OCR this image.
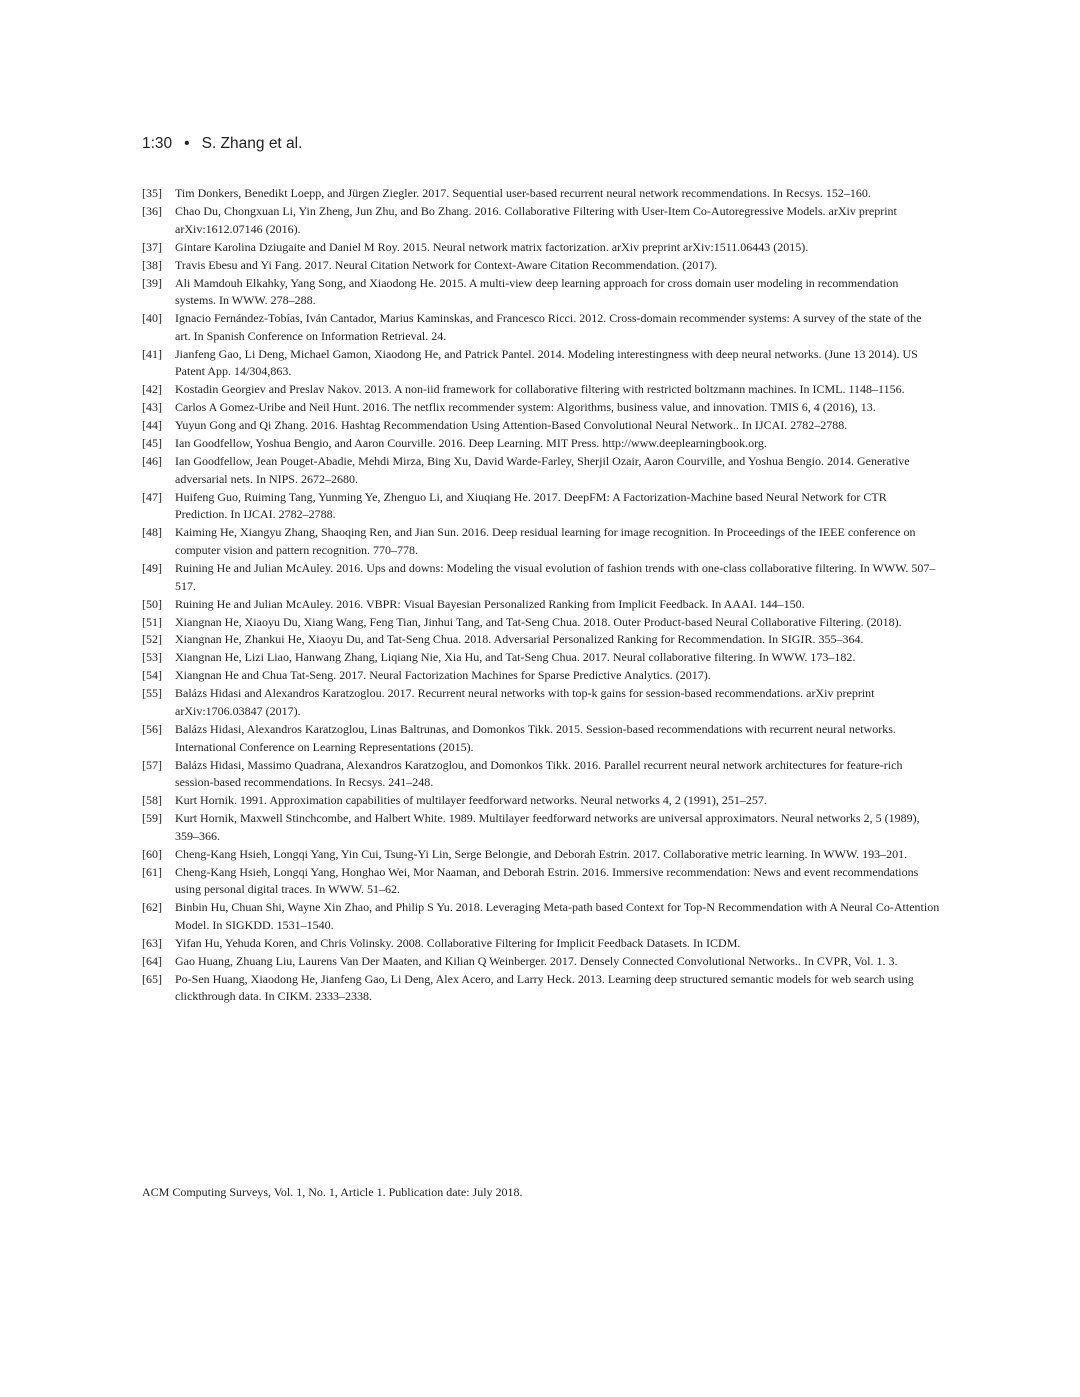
1:30 • S. Zhang et al.
[35]	Tim Donkers, Benedikt Loepp, and Jürgen Ziegler. 2017. Sequential user-based recurrent neural network recommendations. In Recsys. 152–160.
[36]	Chao Du, Chongxuan Li, Yin Zheng, Jun Zhu, and Bo Zhang. 2016. Collaborative Filtering with User-Item Co-Autoregressive Models. arXiv preprint arXiv:1612.07146 (2016).
[37]	Gintare Karolina Dziugaite and Daniel M Roy. 2015. Neural network matrix factorization. arXiv preprint arXiv:1511.06443 (2015).
[38]	Travis Ebesu and Yi Fang. 2017. Neural Citation Network for Context-Aware Citation Recommendation. (2017).
[39]	Ali Mamdouh Elkahky, Yang Song, and Xiaodong He. 2015. A multi-view deep learning approach for cross domain user modeling in recommendation systems. In WWW. 278–288.
[40]	Ignacio Fernández-Tobías, Iván Cantador, Marius Kaminskas, and Francesco Ricci. 2012. Cross-domain recommender systems: A survey of the state of the art. In Spanish Conference on Information Retrieval. 24.
[41]	Jianfeng Gao, Li Deng, Michael Gamon, Xiaodong He, and Patrick Pantel. 2014. Modeling interestingness with deep neural networks. (June 13 2014). US Patent App. 14/304,863.
[42]	Kostadin Georgiev and Preslav Nakov. 2013. A non-iid framework for collaborative filtering with restricted boltzmann machines. In ICML. 1148–1156.
[43]	Carlos A Gomez-Uribe and Neil Hunt. 2016. The netflix recommender system: Algorithms, business value, and innovation. TMIS 6, 4 (2016), 13.
[44]	Yuyun Gong and Qi Zhang. 2016. Hashtag Recommendation Using Attention-Based Convolutional Neural Network.. In IJCAI. 2782–2788.
[45]	Ian Goodfellow, Yoshua Bengio, and Aaron Courville. 2016. Deep Learning. MIT Press. http://www.deeplearningbook.org.
[46]	Ian Goodfellow, Jean Pouget-Abadie, Mehdi Mirza, Bing Xu, David Warde-Farley, Sherjil Ozair, Aaron Courville, and Yoshua Bengio. 2014. Generative adversarial nets. In NIPS. 2672–2680.
[47]	Huifeng Guo, Ruiming Tang, Yunming Ye, Zhenguo Li, and Xiuqiang He. 2017. DeepFM: A Factorization-Machine based Neural Network for CTR Prediction. In IJCAI. 2782–2788.
[48]	Kaiming He, Xiangyu Zhang, Shaoqing Ren, and Jian Sun. 2016. Deep residual learning for image recognition. In Proceedings of the IEEE conference on computer vision and pattern recognition. 770–778.
[49]	Ruining He and Julian McAuley. 2016. Ups and downs: Modeling the visual evolution of fashion trends with one-class collaborative filtering. In WWW. 507–517.
[50]	Ruining He and Julian McAuley. 2016. VBPR: Visual Bayesian Personalized Ranking from Implicit Feedback. In AAAI. 144–150.
[51]	Xiangnan He, Xiaoyu Du, Xiang Wang, Feng Tian, Jinhui Tang, and Tat-Seng Chua. 2018. Outer Product-based Neural Collaborative Filtering. (2018).
[52]	Xiangnan He, Zhankui He, Xiaoyu Du, and Tat-Seng Chua. 2018. Adversarial Personalized Ranking for Recommendation. In SIGIR. 355–364.
[53]	Xiangnan He, Lizi Liao, Hanwang Zhang, Liqiang Nie, Xia Hu, and Tat-Seng Chua. 2017. Neural collaborative filtering. In WWW. 173–182.
[54]	Xiangnan He and Chua Tat-Seng. 2017. Neural Factorization Machines for Sparse Predictive Analytics. (2017).
[55]	Balázs Hidasi and Alexandros Karatzoglou. 2017. Recurrent neural networks with top-k gains for session-based recommendations. arXiv preprint arXiv:1706.03847 (2017).
[56]	Balázs Hidasi, Alexandros Karatzoglou, Linas Baltrunas, and Domonkos Tikk. 2015. Session-based recommendations with recurrent neural networks. International Conference on Learning Representations (2015).
[57]	Balázs Hidasi, Massimo Quadrana, Alexandros Karatzoglou, and Domonkos Tikk. 2016. Parallel recurrent neural network architectures for feature-rich session-based recommendations. In Recsys. 241–248.
[58]	Kurt Hornik. 1991. Approximation capabilities of multilayer feedforward networks. Neural networks 4, 2 (1991), 251–257.
[59]	Kurt Hornik, Maxwell Stinchcombe, and Halbert White. 1989. Multilayer feedforward networks are universal approximators. Neural networks 2, 5 (1989), 359–366.
[60]	Cheng-Kang Hsieh, Longqi Yang, Yin Cui, Tsung-Yi Lin, Serge Belongie, and Deborah Estrin. 2017. Collaborative metric learning. In WWW. 193–201.
[61]	Cheng-Kang Hsieh, Longqi Yang, Honghao Wei, Mor Naaman, and Deborah Estrin. 2016. Immersive recommendation: News and event recommendations using personal digital traces. In WWW. 51–62.
[62]	Binbin Hu, Chuan Shi, Wayne Xin Zhao, and Philip S Yu. 2018. Leveraging Meta-path based Context for Top-N Recommendation with A Neural Co-Attention Model. In SIGKDD. 1531–1540.
[63]	Yifan Hu, Yehuda Koren, and Chris Volinsky. 2008. Collaborative Filtering for Implicit Feedback Datasets. In ICDM.
[64]	Gao Huang, Zhuang Liu, Laurens Van Der Maaten, and Kilian Q Weinberger. 2017. Densely Connected Convolutional Networks.. In CVPR, Vol. 1. 3.
[65]	Po-Sen Huang, Xiaodong He, Jianfeng Gao, Li Deng, Alex Acero, and Larry Heck. 2013. Learning deep structured semantic models for web search using clickthrough data. In CIKM. 2333–2338.
ACM Computing Surveys, Vol. 1, No. 1, Article 1. Publication date: July 2018.
